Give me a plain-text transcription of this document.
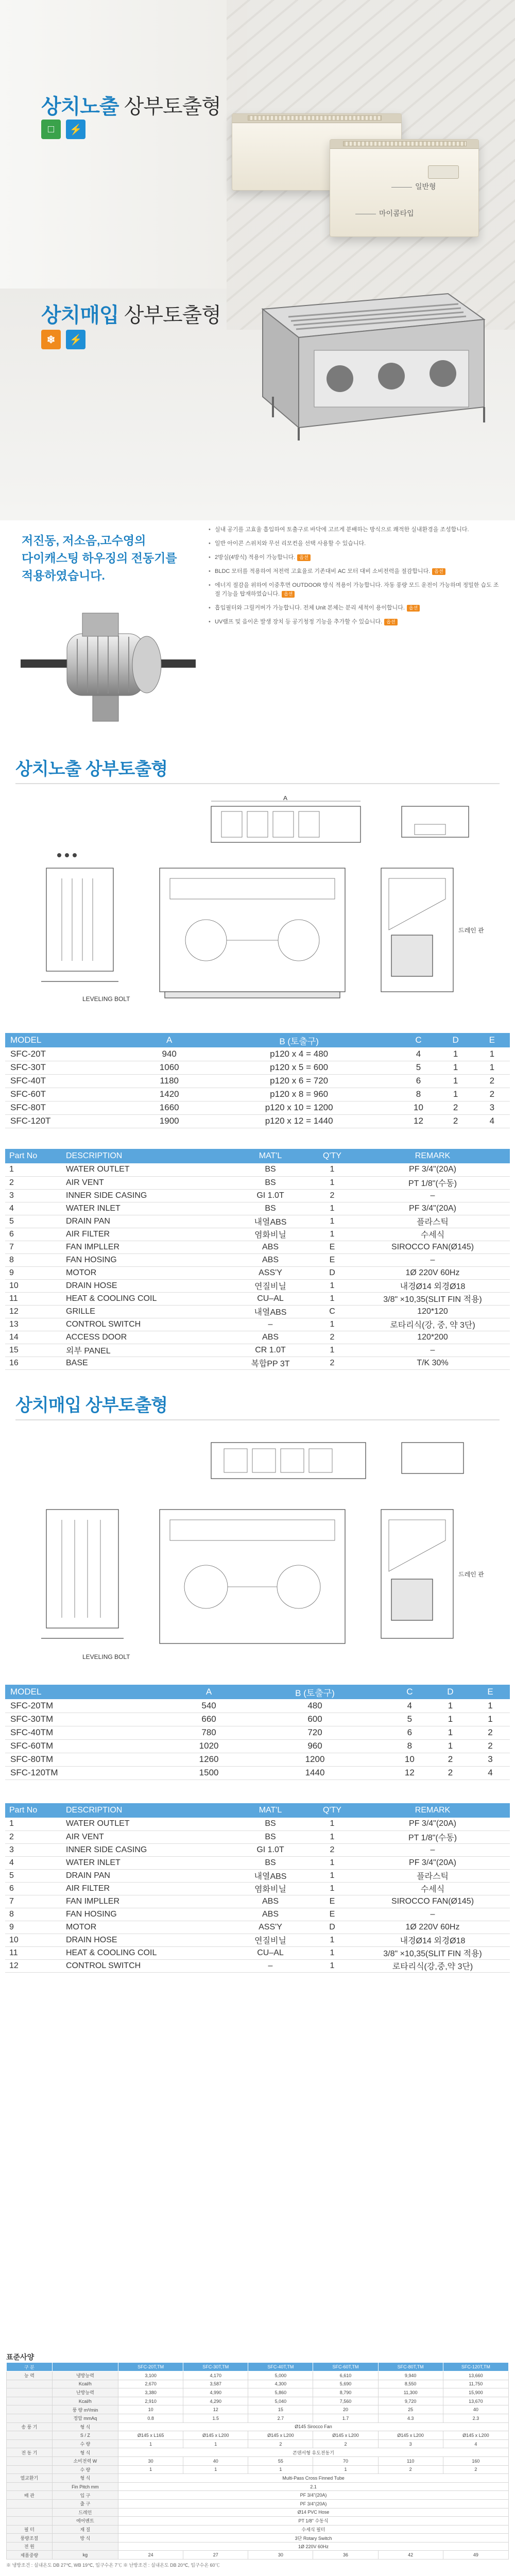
상치노출 상부토출형
□	⚡
일반형
마이콤타입
상치매입 상부토출형
❄	⚡
저진동, 저소음,고수영의
다이캐스팅 하우징의 전동기를
적용하였습니다.
• 실내 공기를 고효율 흡입하여 토출구로 바닥에 고르게 분배하는 방식으로 쾌적한 실내환경을 조성합니다.
• 일반 아이콘 스위치와 무선 리모컨을 선택 사용할 수 있습니다.
• 2방실(4방식) 적용이 가능합니다. 옵션
• BLDC 모터를 적용하여 저전력 고효율로 기존대비 AC 모터 대비 소비전력을 절감합니다. 옵션
• 에너지 절감을 위하여 이중후면 OUTDOOR 방식 적용이 가능합니다. 자동 풍량 모드 운전이 가능하며 정밀한 습도 조절 기능을 탑재하였습니다. 옵션
• 흡입필터와 그릴커버가 가능합니다. 전체 Unit 본체는 분리 세척이 용이합니다. 옵션
• UV램프 및 음이온 발생 장치 등 공기청정 기능을 추가할 수 있습니다. 옵션
상치노출 상부토출형
A
LEVELING BOLT
드레인 관
MODEL	A	B (토출구)	C	D	E
SFC-20T	940	p120 x 4 = 480	4	1	1
SFC-30T	1060	p120 x 5 = 600	5	1	1
SFC-40T	1180	p120 x 6 = 720	6	1	2
SFC-60T	1420	p120 x 8 = 960	8	1	2
SFC-80T	1660	p120 x 10 = 1200	10	2	3
SFC-120T	1900	p120 x 12 = 1440	12	2	4
Part No	DESCRIPTION	MAT'L	Q'TY	REMARK
1	WATER OUTLET	BS	1	PF 3/4"(20A)
2	AIR VENT	BS	1	PT 1/8"(수동)
3	INNER SIDE CASING	GI 1.0T	2	–
4	WATER INLET	BS	1	PF 3/4"(20A)
5	DRAIN PAN	내열ABS	1	플라스틱
6	AIR FILTER	염화비닐	1	수세식
7	FAN IMPLLER	ABS	E	SIROCCO FAN(Ø145)
8	FAN HOSING	ABS	E	–
9	MOTOR	ASS'Y	D	1Ø 220V 60Hz
10	DRAIN HOSE	연질비닐	1	내경Ø14 외경Ø18
11	HEAT & COOLING COIL	CU–AL	1	3/8" ×10,35(SLIT FIN 적용)
12	GRILLE	내열ABS	C	120*120
13	CONTROL SWITCH	–	1	로타리식(강, 중, 약 3단)
14	ACCESS DOOR	ABS	2	120*200
15	외부 PANEL	CR 1.0T	1	–
16	BASE	복합PP 3T	2	T/K 30%
상치매입 상부토출형
LEVELING BOLT
드레인 관
MODEL	A	B (토출구)	C	D	E
SFC-20TM	540	480	4	1	1
SFC-30TM	660	600	5	1	1
SFC-40TM	780	720	6	1	2
SFC-60TM	1020	960	8	1	2
SFC-80TM	1260	1200	10	2	3
SFC-120TM	1500	1440	12	2	4
Part No	DESCRIPTION	MAT'L	Q'TY	REMARK
1	WATER OUTLET	BS	1	PF 3/4"(20A)
2	AIR VENT	BS	1	PT 1/8"(수동)
3	INNER SIDE CASING	GI 1.0T	2	–
4	WATER INLET	BS	1	PF 3/4"(20A)
5	DRAIN PAN	내열ABS	1	플라스틱
6	AIR FILTER	염화비닐	1	수세식
7	FAN IMPLLER	ABS	E	SIROCCO FAN(Ø145)
8	FAN HOSING	ABS	E	–
9	MOTOR	ASS'Y	D	1Ø 220V 60Hz
10	DRAIN HOSE	연질비닐	1	내경Ø14 외경Ø18
11	HEAT & COOLING COIL	CU–AL	1	3/8" ×10,35(SLIT FIN 적용)
12	CONTROL SWITCH	–	1	로타리식(강,중,약 3단)
표준사양
구 분		SFC-20T,TM	SFC-30T,TM	SFC-40T,TM	SFC-60T,TM	SFC-80T,TM	SFC-120T,TM
능 력	냉방능력	3,100	4,170	5,000	6,610	9,940	13,660
	Kcal/h	2,670	3,587	4,300	5,690	8,550	11,750
	난방능력	3,380	4,990	5,860	8,790	11,300	15,900
	Kcal/h	2,910	4,290	5,040	7,560	9,720	13,670
	풍 량 m³/min	10	12	15	20	25	40
	정압 mmAq	0.8	1.5	2.7	1.7	4.3	2.3
송 풍 기	형 식	Ø145 Sirocco Fan					
	S / Z	Ø145 x L165	Ø145 x L200	Ø145 x L200	Ø145 x L200	Ø145 x L200	Ø145 x L200
	수 량	1	1	2	2	3	4
전 동 기	형 식	콘덴서형 유도전동기					
	소비전력 W	30	40	55	70	110	160
	수 량	1	1	1	1	2	2
열교환기	형 식	Multi-Pass Cross Finned Tube					
	Fin Pitch mm	2.1					
배 관	입 구	PF 3/4"(20A)					
	출 구	PF 3/4"(20A)					
	드레인	Ø14 PVC Hose					
	에어벤트	PT 1/8" 수동식					
필 터	재 질	수세식 필터					
풍량조절	방 식	3단 Rotary Switch					
전 원		1Ø 220V 60Hz					
제품중량	kg	24	27	30	36	42	49
※ 냉방조건 : 실내온도 DB 27℃, WB 19℃, 입구수온 7℃ ※ 난방조건 : 실내온도 DB 20℃, 입구수온 60℃
